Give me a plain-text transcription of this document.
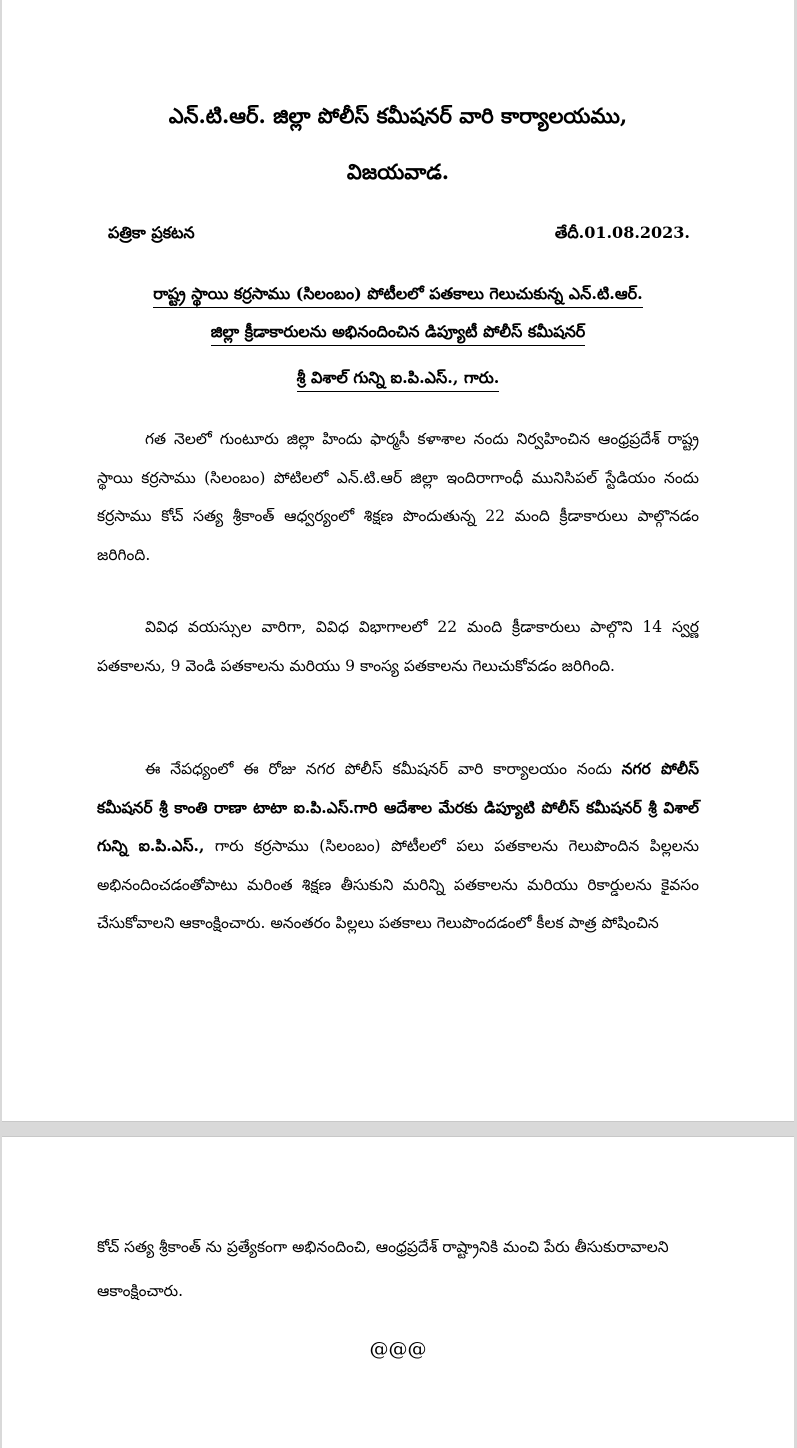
ఎన్.టి.ఆర్. జిల్లా పోలీస్ కమీషనర్ వారి కార్యాలయము,
విజయవాడ.
పత్రికా ప్రకటన	తేదీ.01.08.2023.
రాష్ట్ర స్థాయి కర్రసాము (సిలంబం) పోటీలలో పతకాలు గెలుచుకున్న ఎన్.టి.ఆర్.
జిల్లా క్రీడాకారులను అభినందించిన డిప్యూటీ పోలీస్ కమీషనర్
శ్రీ విశాల్ గున్ని ఐ.పి.ఎస్., గారు.

గత నెలలో గుంటూరు జిల్లా హిందు ఫార్మసీ కళాశాల నందు నిర్వహించిన ఆంధ్రప్రదేశ్ రాష్ట్ర స్థాయి కర్రసాము (సిలంబం) పోటిలలో ఎన్.టి.ఆర్ జిల్లా ఇందిరాగాంధీ మునిసిపల్ స్టేడియం నందు కర్రసాము కోచ్ సత్య శ్రీకాంత్ ఆధ్వర్యంలో శిక్షణ పొందుతున్న 22 మంది క్రీడాకారులు పాల్గొనడం జరిగింది.

వివిధ వయస్సుల వారిగా, వివిధ విభాగాలలో 22 మంది క్రీడాకారులు పాల్గొని 14 స్వర్ణ పతకాలను, 9 వెండి పతకాలను మరియు 9 కాంస్య పతకాలను గెలుచుకోవడం జరిగింది.

ఈ నేపధ్యంలో ఈ రోజు నగర పోలీస్ కమీషనర్ వారి కార్యాలయం నందు నగర పోలీస్ కమీషనర్ శ్రీ కాంతి రాణా టాటా ఐ.పి.ఎస్.గారి ఆదేశాల మేరకు డిప్యూటి పోలీస్ కమీషనర్ శ్రీ విశాల్ గున్ని ఐ.పి.ఎస్., గారు కర్రసాము (సిలంబం) పోటీలలో పలు పతకాలను గెలుపొందిన పిల్లలను అభినందించడంతోపాటు మరింత శిక్షణ తీసుకుని మరిన్ని పతకాలను మరియు రికార్డులను కైవసం చేసుకోవాలని ఆకాంక్షించారు. అనంతరం పిల్లలు పతకాలు గెలుపొందడంలో కీలక పాత్ర పోషించిన

కోచ్ సత్య శ్రీకాంత్ ను ప్రత్యేకంగా అభినందించి, ఆంధ్రప్రదేశ్ రాష్ట్రానికి మంచి పేరు తీసుకురావాలని ఆకాంక్షించారు.

@@@
